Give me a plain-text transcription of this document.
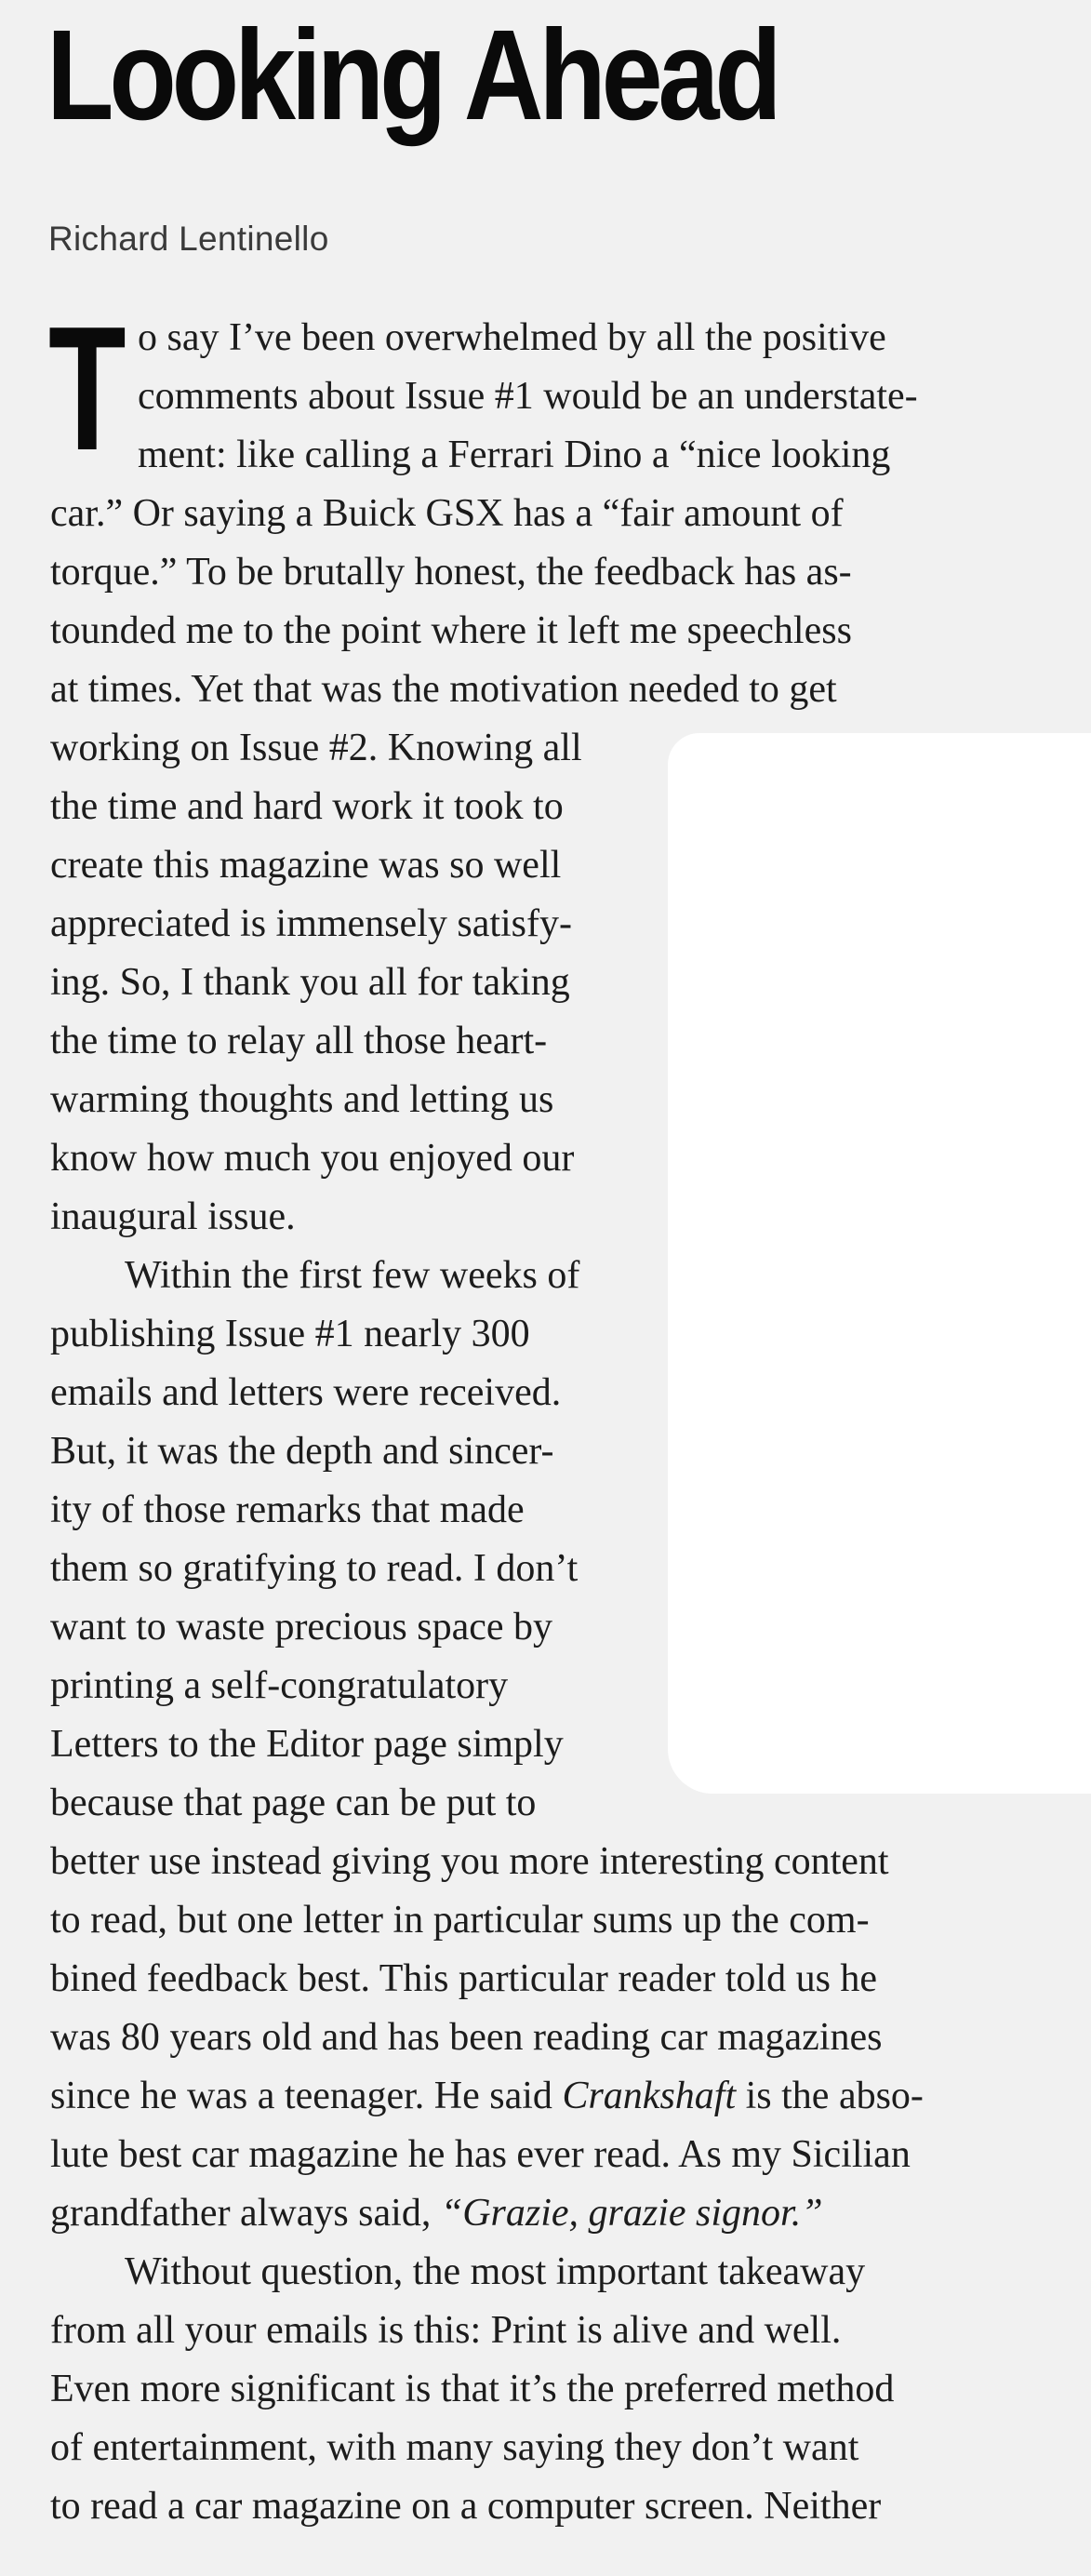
Looking Ahead
Richard Lentinello
T o say I’ve been overwhelmed by all the positive
comments about Issue #1 would be an understate-
ment: like calling a Ferrari Dino a “nice looking
car.” Or saying a Buick GSX has a “fair amount of
torque.” To be brutally honest, the feedback has as-
tounded me to the point where it left me speechless
at times. Yet that was the motivation needed to get
working on Issue #2. Knowing all
the time and hard work it took to
create this magazine was so well
appreciated is immensely satisfy-
ing. So, I thank you all for taking
the time to relay all those heart-
warming thoughts and letting us
know how much you enjoyed our
inaugural issue.
Within the first few weeks of
publishing Issue #1 nearly 300
emails and letters were received.
But, it was the depth and sincer-
ity of those remarks that made
them so gratifying to read. I don’t
want to waste precious space by
printing a self-congratulatory
Letters to the Editor page simply
because that page can be put to
better use instead giving you more interesting content
to read, but one letter in particular sums up the com-
bined feedback best. This particular reader told us he
was 80 years old and has been reading car magazines
since he was a teenager. He said Crankshaft is the abso-
lute best car magazine he has ever read. As my Sicilian
grandfather always said, “Grazie, grazie signor.”
Without question, the most important takeaway
from all your emails is this: Print is alive and well.
Even more significant is that it’s the preferred method
of entertainment, with many saying they don’t want
to read a car magazine on a computer screen. Neither
